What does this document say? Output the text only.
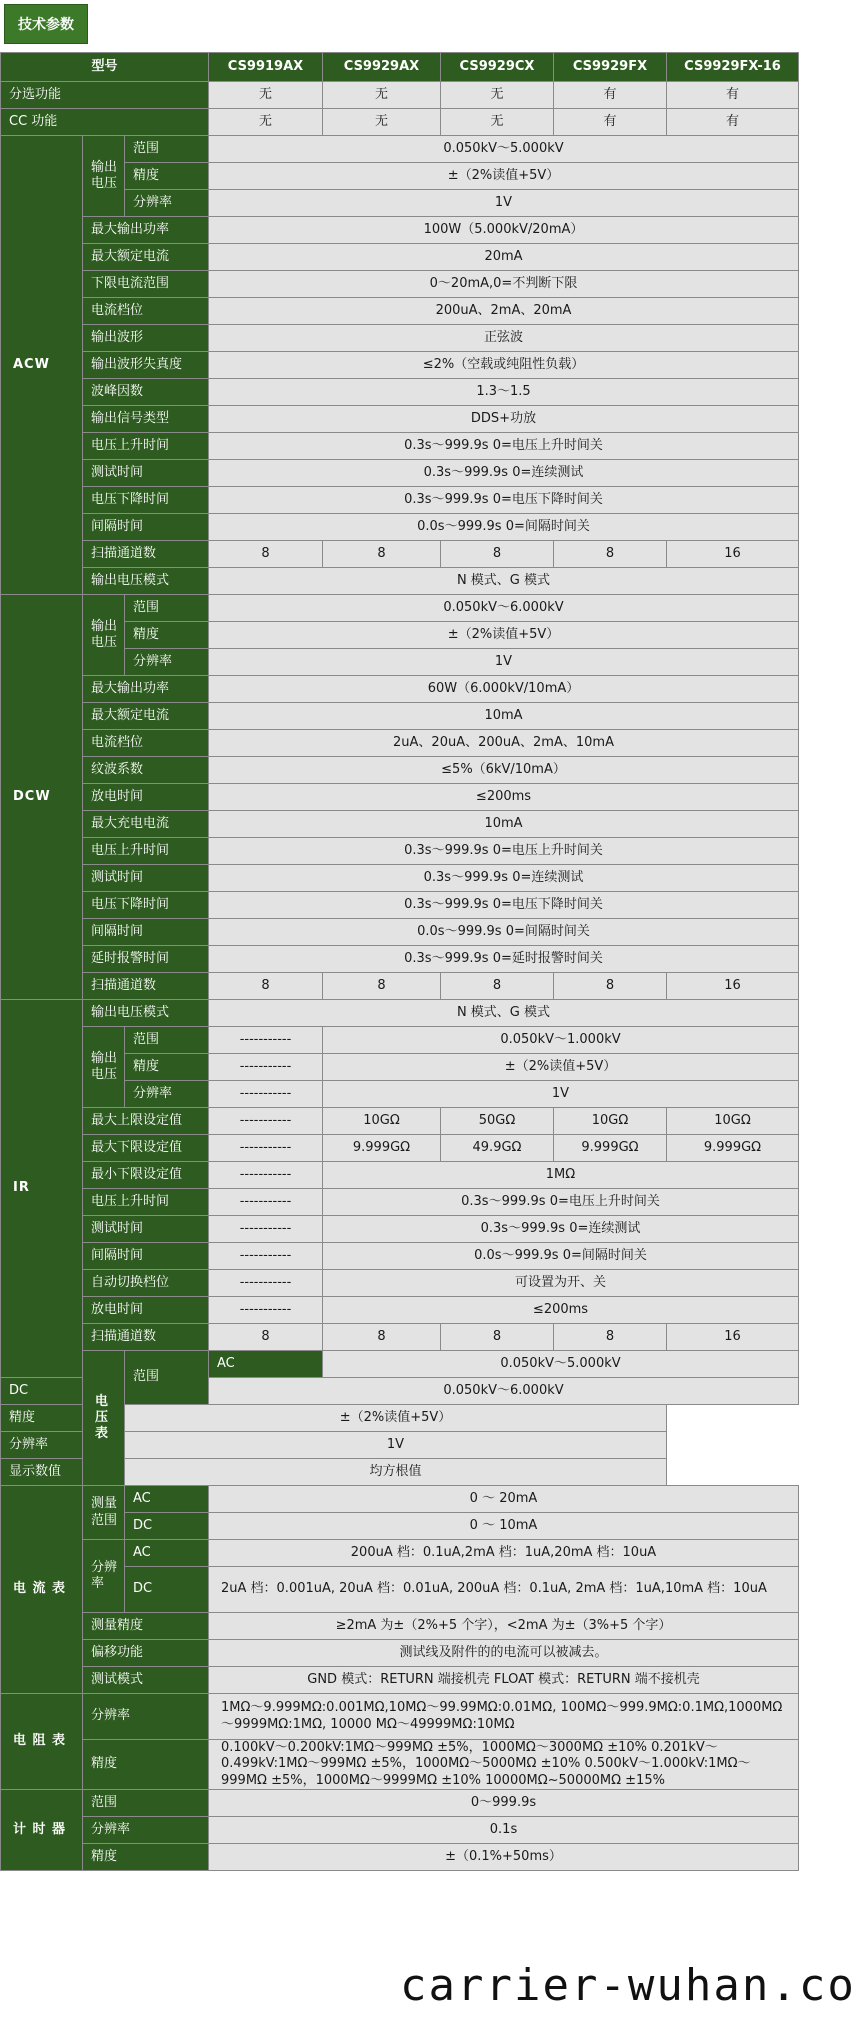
技术参数
型号			CS9919AX	CS9929AX	CS9929CX	CS9929FX	CS9929FX-16
分选功能			无	无	无	有	有
CC 功能			无	无	无	有	有
ACW	输出电压	范围	0.050kV～5.000kV				
		精度	±（2%读值+5V）				
		分辨率	1V				
	最大输出功率		100W（5.000kV/20mA）				
	最大额定电流		20mA				
	下限电流范围		0～20mA,0=不判断下限				
	电流档位		200uA、2mA、20mA				
	输出波形		正弦波				
	输出波形失真度		≤2%（空载或纯阻性负载）				
	波峰因数		1.3～1.5				
	输出信号类型		DDS+功放				
	电压上升时间		0.3s～999.9s 0=电压上升时间关				
	测试时间		0.3s～999.9s 0=连续测试				
	电压下降时间		0.3s～999.9s 0=电压下降时间关				
	间隔时间		0.0s～999.9s 0=间隔时间关				
	扫描通道数		8	8	8	8	16
	输出电压模式		N 模式、G 模式				
DCW	输出电压	范围	0.050kV～6.000kV				
		精度	±（2%读值+5V）				
		分辨率	1V				
	最大输出功率		60W（6.000kV/10mA）				
	最大额定电流		10mA				
	电流档位		2uA、20uA、200uA、2mA、10mA				
	纹波系数		≤5%（6kV/10mA）				
	放电时间		≤200ms				
	最大充电电流		10mA				
	电压上升时间		0.3s～999.9s 0=电压上升时间关				
	测试时间		0.3s～999.9s 0=连续测试				
	电压下降时间		0.3s～999.9s 0=电压下降时间关				
	间隔时间		0.0s～999.9s 0=间隔时间关				
	延时报警时间		0.3s～999.9s 0=延时报警时间关				
	扫描通道数		8	8	8	8	16
IR	输出电压模式		N 模式、G 模式				
	输出电压	范围	-----------	0.050kV～1.000kV			
		精度	-----------	±（2%读值+5V）			
		分辨率	-----------	1V			
	最大上限设定值		-----------	10GΩ	50GΩ	10GΩ	10GΩ
	最大下限设定值		-----------	9.999GΩ	49.9GΩ	9.999GΩ	9.999GΩ
	最小下限设定值		-----------	1MΩ			
	电压上升时间		-----------	0.3s～999.9s 0=电压上升时间关			
	测试时间		-----------	0.3s～999.9s 0=连续测试			
	间隔时间		-----------	0.0s～999.9s 0=间隔时间关			
	自动切换档位		-----------	可设置为开、关			
	放电时间		-----------	≤200ms			
	扫描通道数		8	8	8	8	16
	电 压 表	范围	AC	0.050kV～5.000kV			
DC			0.050kV～6.000kV				
精度		±（2%读值+5V）					
分辨率		1V					
显示数值		均方根值					
电 流 表	测量 范围	AC	0 ～ 20mA				
		DC	0 ～ 10mA				
	分辨率	AC	200uA 档：0.1uA,2mA 档：1uA,20mA 档：10uA				
		DC	2uA 档：0.001uA, 20uA 档：0.01uA, 200uA 档：0.1uA, 2mA 档：1uA,10mA 档：10uA				
	测量精度		≥2mA 为±（2%+5 个字），<2mA 为±（3%+5 个字）				
	偏移功能		测试线及附件的的电流可以被减去。				
	测试模式		GND 模式：RETURN 端接机壳 FLOAT 模式：RETURN 端不接机壳				
电 阻 表	分辨率		1MΩ～9.999MΩ:0.001MΩ,10MΩ～99.99MΩ:0.01MΩ, 100MΩ～999.9MΩ:0.1MΩ,1000MΩ～9999MΩ:1MΩ, 10000 MΩ～49999MΩ:10MΩ				
	精度		0.100kV～0.200kV:1MΩ～999MΩ ±5%，1000MΩ～3000MΩ ±10% 0.201kV～0.499kV:1MΩ～999MΩ ±5%，1000MΩ～5000MΩ ±10% 0.500kV～1.000kV:1MΩ～999MΩ ±5%，1000MΩ～9999MΩ ±10% 10000MΩ~50000MΩ ±15%				
计 时 器	范围		0～999.9s				
	分辨率		0.1s				
	精度		±（0.1%+50ms）				
carrier-wuhan.co
